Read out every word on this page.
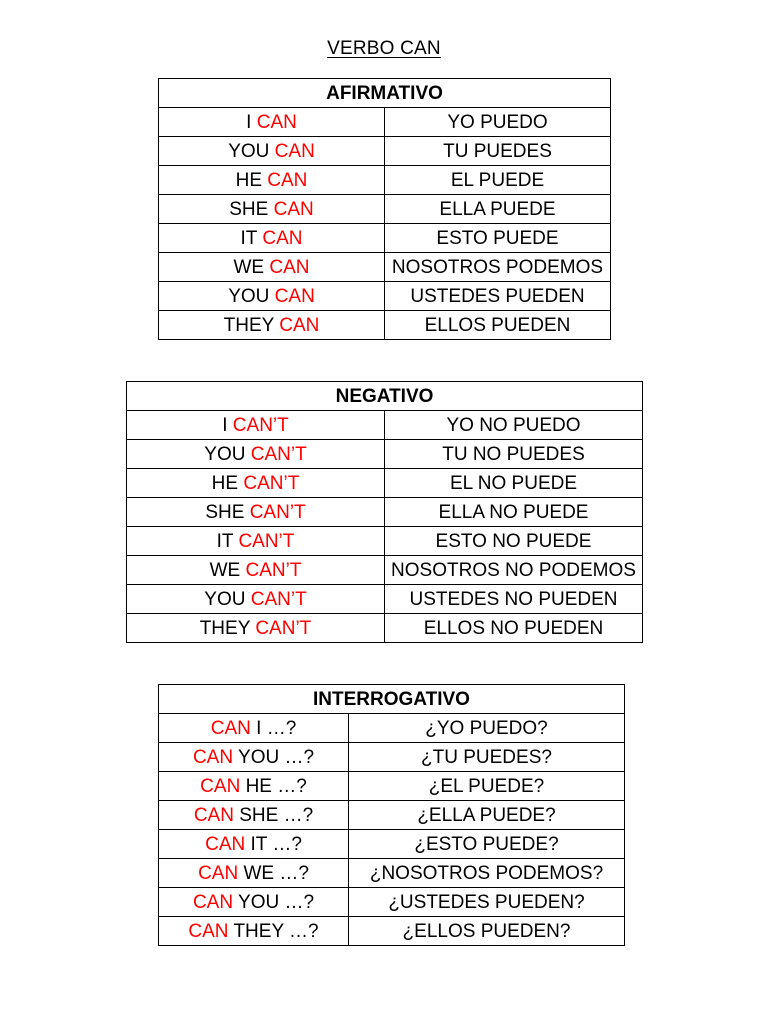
VERBO CAN
AFIRMATIVO	
I CAN	YO PUEDO
YOU CAN	TU PUEDES
HE CAN	EL PUEDE
SHE CAN	ELLA PUEDE
IT CAN	ESTO PUEDE
WE CAN	NOSOTROS PODEMOS
YOU CAN	USTEDES PUEDEN
THEY CAN	ELLOS PUEDEN
NEGATIVO	
I CAN’T	YO NO PUEDO
YOU CAN’T	TU NO PUEDES
HE CAN’T	EL NO PUEDE
SHE CAN’T	ELLA NO PUEDE
IT CAN’T	ESTO NO PUEDE
WE CAN’T	NOSOTROS NO PODEMOS
YOU CAN’T	USTEDES NO PUEDEN
THEY CAN’T	ELLOS NO PUEDEN
INTERROGATIVO	
CAN I …?	¿YO PUEDO?
CAN YOU …?	¿TU PUEDES?
CAN HE …?	¿EL PUEDE?
CAN SHE …?	¿ELLA PUEDE?
CAN IT …?	¿ESTO PUEDE?
CAN WE …?	¿NOSOTROS PODEMOS?
CAN YOU …?	¿USTEDES PUEDEN?
CAN THEY …?	¿ELLOS PUEDEN?
